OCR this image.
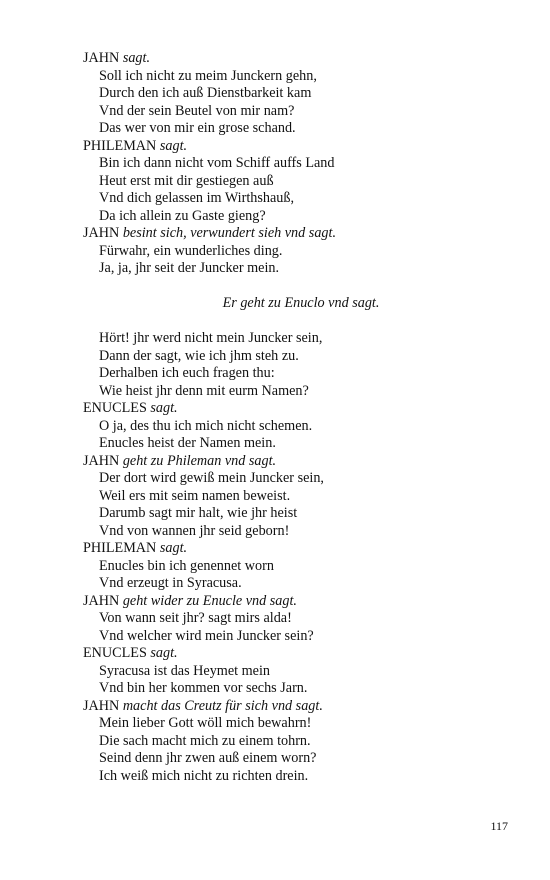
JAHN sagt.
Soll ich nicht zu meim Junckern gehn,
Durch den ich auß Dienstbarkeit kam
Vnd der sein Beutel von mir nam?
Das wer von mir ein grose schand.
PHILEMAN sagt.
Bin ich dann nicht vom Schiff auffs Land
Heut erst mit dir gestiegen auß
Vnd dich gelassen im Wirthshauß,
Da ich allein zu Gaste gieng?
JAHN besint sich, verwundert sieh vnd sagt.
Fürwahr, ein wunderliches ding.
Ja, ja, jhr seit der Juncker mein.
Er geht zu Enuclo vnd sagt.
Hört! jhr werd nicht mein Juncker sein,
Dann der sagt, wie ich jhm steh zu.
Derhalben ich euch fragen thu:
Wie heist jhr denn mit eurm Namen?
ENUCLES sagt.
O ja, des thu ich mich nicht schemen.
Enucles heist der Namen mein.
JAHN geht zu Phileman vnd sagt.
Der dort wird gewiß mein Juncker sein,
Weil ers mit seim namen beweist.
Darumb sagt mir halt, wie jhr heist
Vnd von wannen jhr seid geborn!
PHILEMAN sagt.
Enucles bin ich genennet worn
Vnd erzeugt in Syracusa.
JAHN geht wider zu Enucle vnd sagt.
Von wann seit jhr? sagt mirs alda!
Vnd welcher wird mein Juncker sein?
ENUCLES sagt.
Syracusa ist das Heymet mein
Vnd bin her kommen vor sechs Jarn.
JAHN macht das Creutz für sich vnd sagt.
Mein lieber Gott wöll mich bewahrn!
Die sach macht mich zu einem tohrn.
Seind denn jhr zwen auß einem worn?
Ich weiß mich nicht zu richten drein.
117
